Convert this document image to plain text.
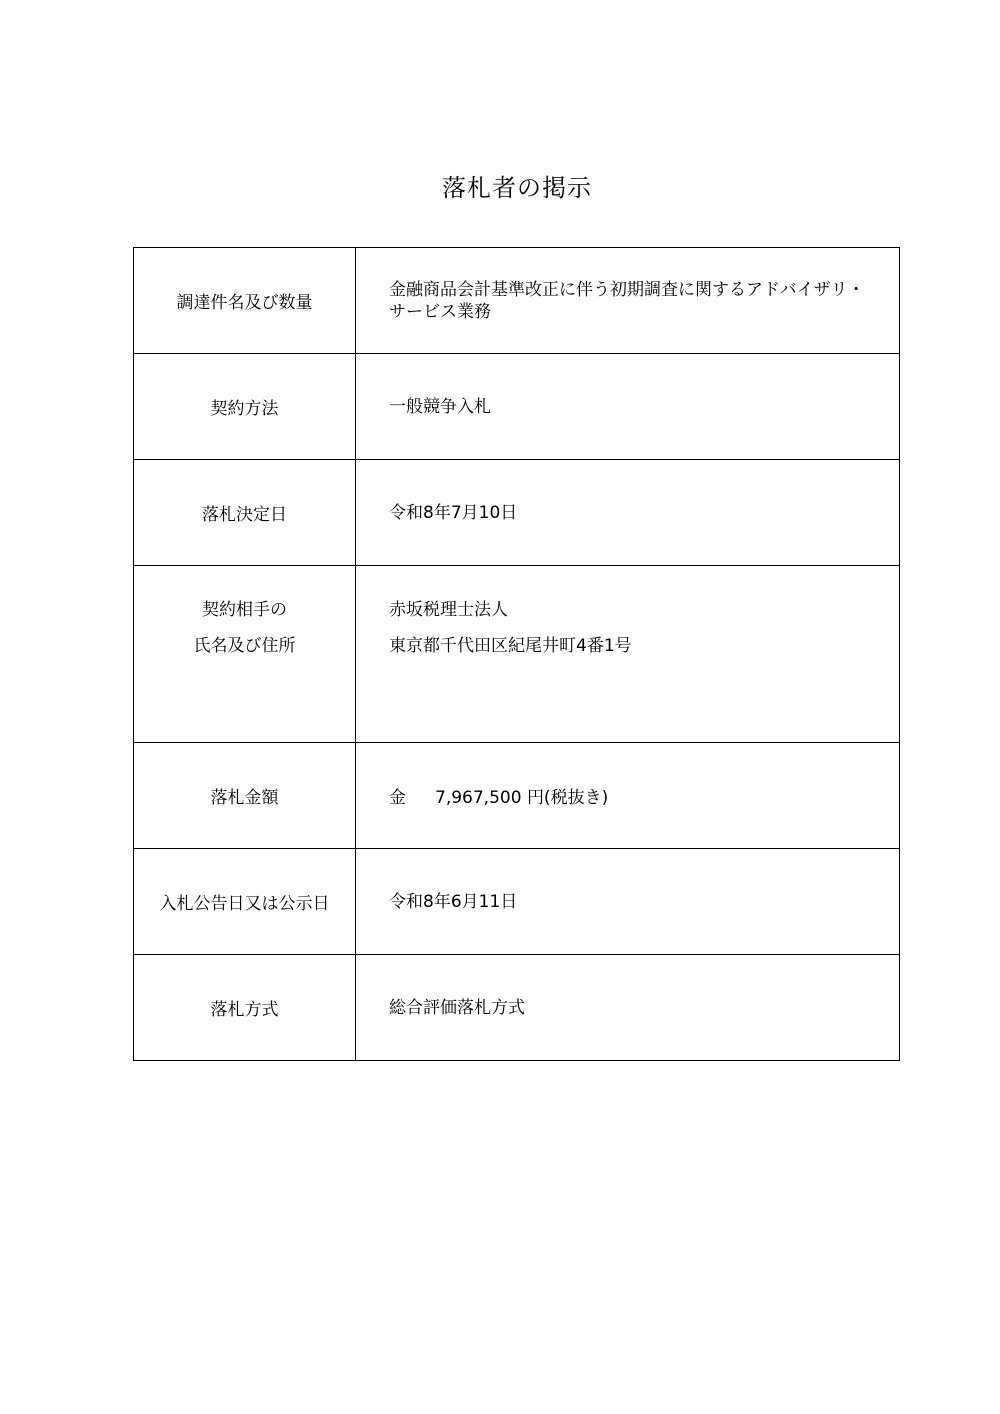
落札者の掲示
調達件名及び数量	金融商品会計基準改正に伴う初期調査に関するアドバイザリ・
サービス業務

契約方法	一般競争入札

落札決定日	令和8年7月10日

契約相手の
氏名及び住所	赤坂税理士法人
東京都千代田区紀尾井町4番1号

落札金額	金 7,967,500 円(税抜き)
入札公告日又は公示日	令和8年6月11日

落札方式	総合評価落札方式
